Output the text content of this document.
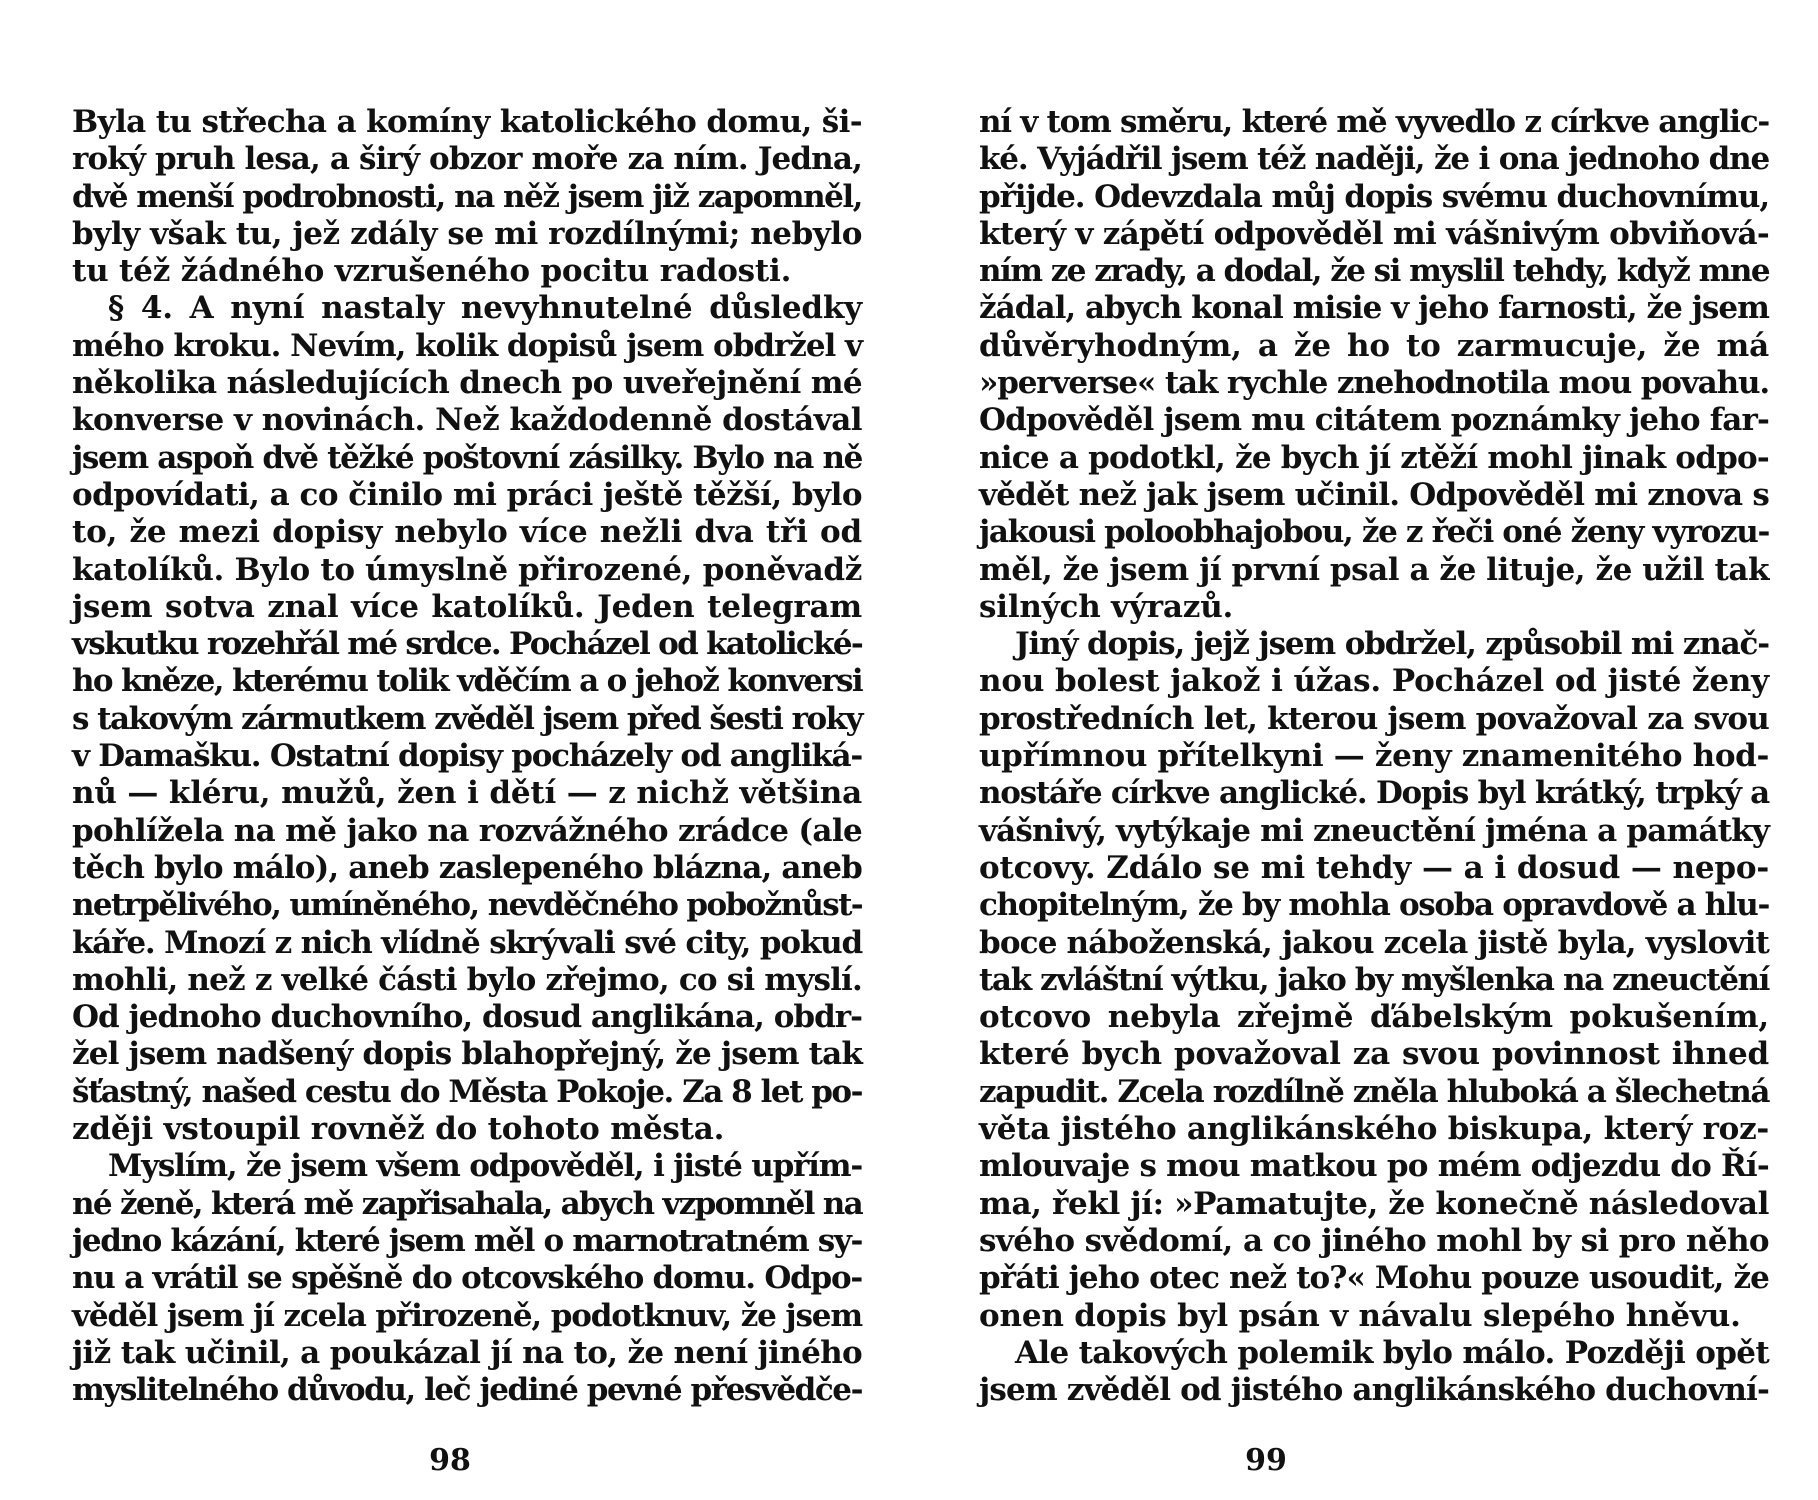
Byla tu střecha a komíny katolického domu, ši-
roký pruh lesa, a širý obzor moře za ním. Jedna,
dvě menší podrobnosti, na něž jsem již zapomněl,
byly však tu, jež zdály se mi rozdílnými; nebylo
tu též žádného vzrušeného pocitu radosti.
§ 4. A nyní nastaly nevyhnutelné důsledky
mého kroku. Nevím, kolik dopisů jsem obdržel v
několika následujících dnech po uveřejnění mé
konverse v novinách. Než každodenně dostával
jsem aspoň dvě těžké poštovní zásilky. Bylo na ně
odpovídati, a co činilo mi práci ještě těžší, bylo
to, že mezi dopisy nebylo více nežli dva tři od
katolíků. Bylo to úmyslně přirozené, poněvadž
jsem sotva znal více katolíků. Jeden telegram
vskutku rozehřál mé srdce. Pocházel od katolické-
ho kněze, kterému tolik vděčím a o jehož konversi
s takovým zármutkem zvěděl jsem před šesti roky
v Damašku. Ostatní dopisy pocházely od angliká-
nů — kléru, mužů, žen i dětí — z nichž většina
pohlížela na mě jako na rozvážného zrádce (ale
těch bylo málo), aneb zaslepeného blázna, aneb
netrpělivého, umíněného, nevděčného pobožnůst-
káře. Mnozí z nich vlídně skrývali své city, pokud
mohli, než z velké části bylo zřejmo, co si myslí.
Od jednoho duchovního, dosud anglikána, obdr-
žel jsem nadšený dopis blahopřejný, že jsem tak
šťastný, našed cestu do Města Pokoje. Za 8 let po-
zději vstoupil rovněž do tohoto města.
Myslím, že jsem všem odpověděl, i jisté upřím-
né ženě, která mě zapřisahala, abych vzpomněl na
jedno kázání, které jsem měl o marnotratném sy-
nu a vrátil se spěšně do otcovského domu. Odpo-
věděl jsem jí zcela přirozeně, podotknuv, že jsem
již tak učinil, a poukázal jí na to, že není jiného
myslitelného důvodu, leč jediné pevné přesvědče-
98
ní v tom směru, které mě vyvedlo z církve anglic-
ké. Vyjádřil jsem též naději, že i ona jednoho dne
přijde. Odevzdala můj dopis svému duchovnímu,
který v zápětí odpověděl mi vášnivým obviňová-
ním ze zrady, a dodal, že si myslil tehdy, když mne
žádal, abych konal misie v jeho farnosti, že jsem
důvěryhodným, a že ho to zarmucuje, že má
»perverse« tak rychle znehodnotila mou povahu.
Odpověděl jsem mu citátem poznámky jeho far-
nice a podotkl, že bych jí ztěží mohl jinak odpo-
vědět než jak jsem učinil. Odpověděl mi znova s
jakousi poloobhajobou, že z řeči oné ženy vyrozu-
měl, že jsem jí první psal a že lituje, že užil tak
silných výrazů.
Jiný dopis, jejž jsem obdržel, způsobil mi znač-
nou bolest jakož i úžas. Pocházel od jisté ženy
prostředních let, kterou jsem považoval za svou
upřímnou přítelkyni — ženy znamenitého hod-
nostáře církve anglické. Dopis byl krátký, trpký a
vášnivý, vytýkaje mi zneuctění jména a památky
otcovy. Zdálo se mi tehdy — a i dosud — nepo-
chopitelným, že by mohla osoba opravdově a hlu-
boce náboženská, jakou zcela jistě byla, vyslovit
tak zvláštní výtku, jako by myšlenka na zneuctění
otcovo nebyla zřejmě ďábelským pokušením,
které bych považoval za svou povinnost ihned
zapudit. Zcela rozdílně zněla hluboká a šlechetná
věta jistého anglikánského biskupa, který roz-
mlouvaje s mou matkou po mém odjezdu do Ří-
ma, řekl jí: »Pamatujte, že konečně následoval
svého svědomí, a co jiného mohl by si pro něho
přáti jeho otec než to?« Mohu pouze usoudit, že
onen dopis byl psán v návalu slepého hněvu.
Ale takových polemik bylo málo. Později opět
jsem zvěděl od jistého anglikánského duchovní-
99
